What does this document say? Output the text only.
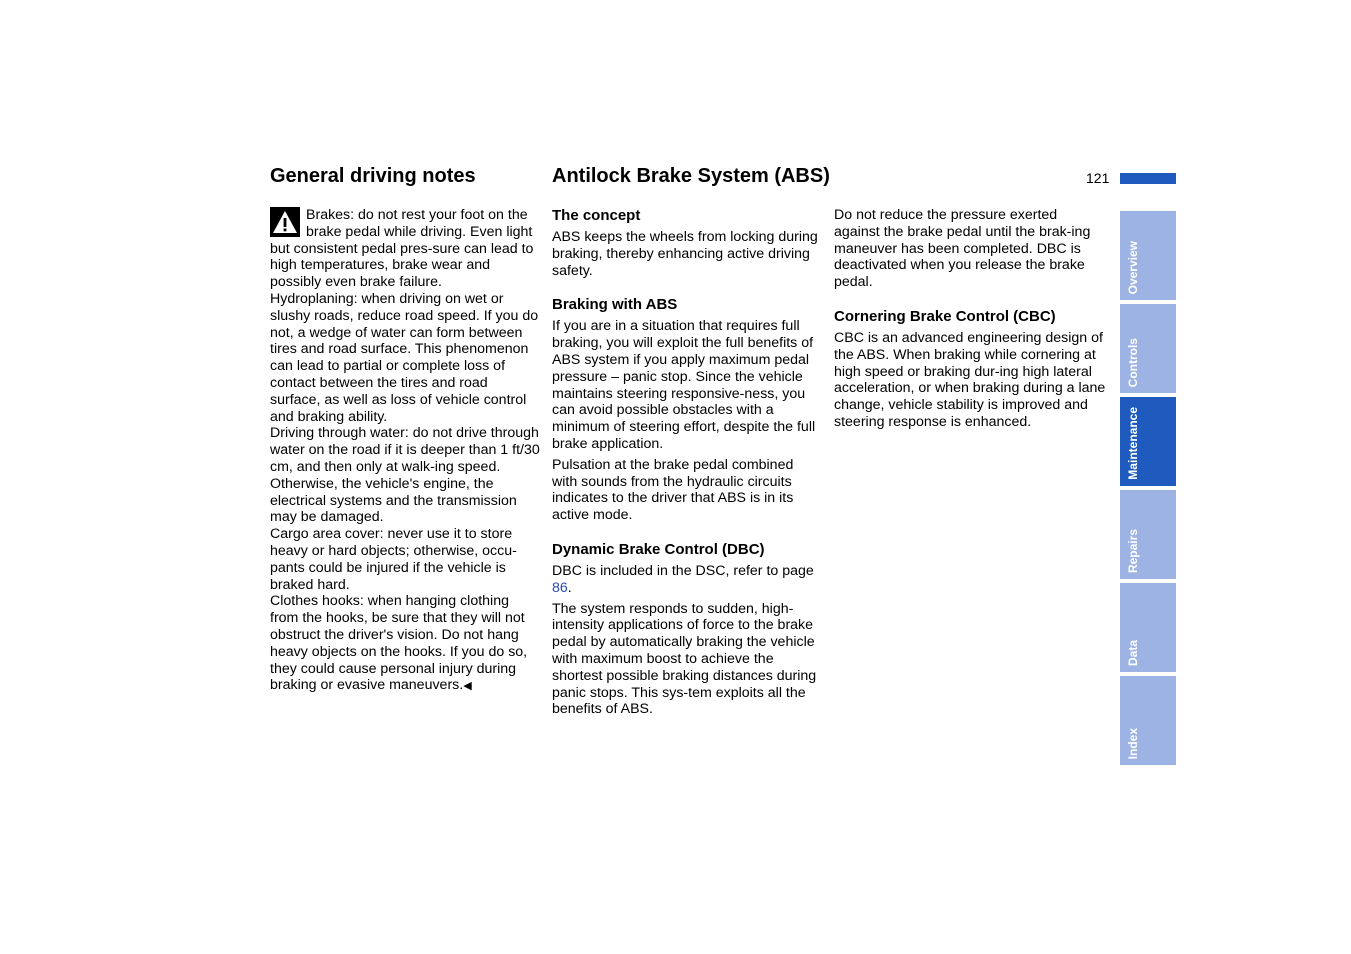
General driving notes	Antilock Brake System (ABS)	121

Brakes: do not rest your foot on the brake pedal while driving. Even light but consistent pedal pres-sure can lead to high temperatures, brake wear and possibly even brake failure.

Hydroplaning: when driving on wet or slushy roads, reduce road speed. If you do not, a wedge of water can form between tires and road surface. This phenomenon can lead to partial or complete loss of contact between the tires and road surface, as well as loss of vehicle control and braking ability.

Driving through water: do not drive through water on the road if it is deeper than 1 ft/30 cm, and then only at walk-ing speed. Otherwise, the vehicle's engine, the electrical systems and the transmission may be damaged.

Cargo area cover: never use it to store heavy or hard objects; otherwise, occu-pants could be injured if the vehicle is braked hard.

Clothes hooks: when hanging clothing from the hooks, be sure that they will not obstruct the driver's vision. Do not hang heavy objects on the hooks. If you do so, they could cause personal injury during braking or evasive maneuvers.◀

The concept

ABS keeps the wheels from locking during braking, thereby enhancing active driving safety.

Braking with ABS

If you are in a situation that requires full braking, you will exploit the full benefits of ABS system if you apply maximum pedal pressure – panic stop. Since the vehicle maintains steering responsive-ness, you can avoid possible obstacles with a minimum of steering effort, despite the full brake application.

Pulsation at the brake pedal combined with sounds from the hydraulic circuits indicates to the driver that ABS is in its active mode.

Dynamic Brake Control (DBC)

DBC is included in the DSC, refer to page 86.

The system responds to sudden, high-intensity applications of force to the brake pedal by automatically braking the vehicle with maximum boost to achieve the shortest possible braking distances during panic stops. This sys-tem exploits all the benefits of ABS.

Do not reduce the pressure exerted against the brake pedal until the brak-ing maneuver has been completed. DBC is deactivated when you release the brake pedal.

Cornering Brake Control (CBC)

CBC is an advanced engineering design of the ABS. When braking while cornering at high speed or braking dur-ing high lateral acceleration, or when braking during a lane change, vehicle stability is improved and steering response is enhanced.

Overview
Controls
Maintenance
Repairs
Data
Index
